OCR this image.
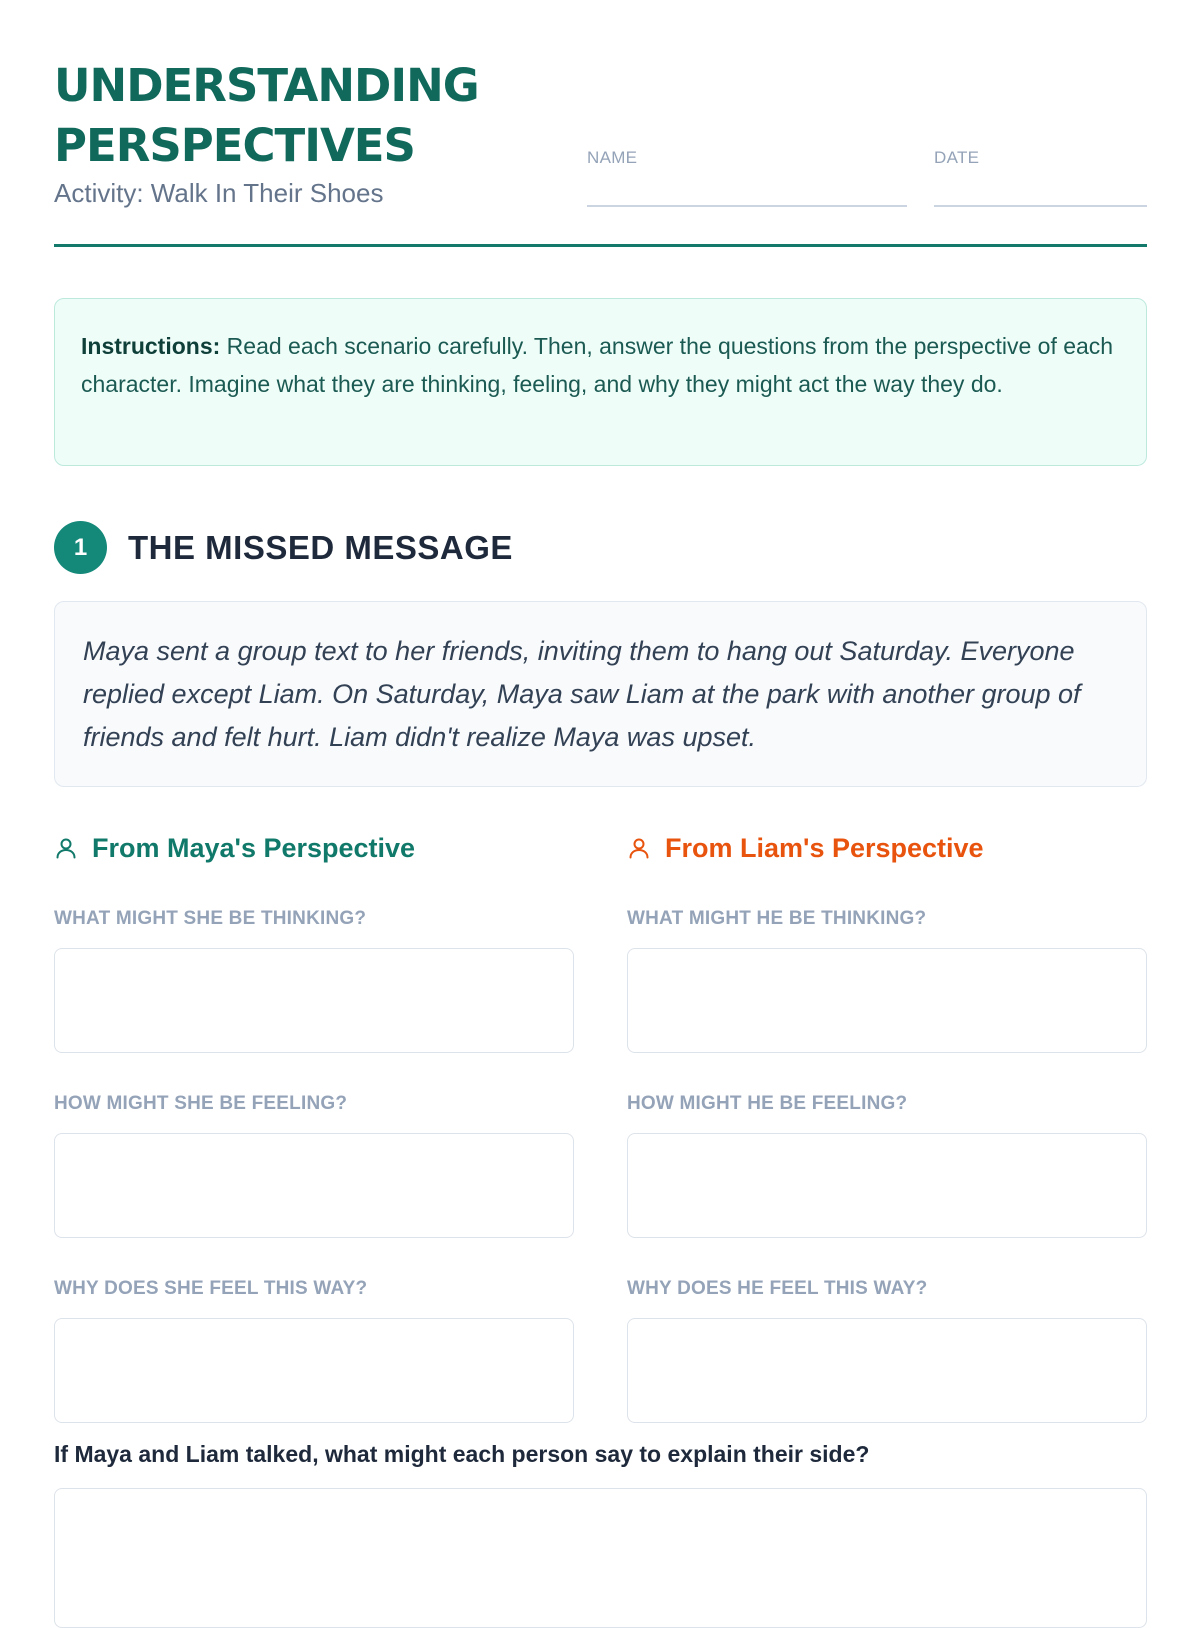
UNDERSTANDING
PERSPECTIVES
Activity: Walk In Their Shoes
NAME	DATE
Instructions: Read each scenario carefully. Then, answer the questions from the perspective of each character. Imagine what they are thinking, feeling, and why they might act the way they do.
1	THE MISSED MESSAGE
Maya sent a group text to her friends, inviting them to hang out Saturday. Everyone replied except Liam. On Saturday, Maya saw Liam at the park with another group of friends and felt hurt. Liam didn't realize Maya was upset.
From Maya's Perspective
WHAT MIGHT SHE BE THINKING?
HOW MIGHT SHE BE FEELING?
WHY DOES SHE FEEL THIS WAY?
From Liam's Perspective
WHAT MIGHT HE BE THINKING?
HOW MIGHT HE BE FEELING?
WHY DOES HE FEEL THIS WAY?
If Maya and Liam talked, what might each person say to explain their side?
